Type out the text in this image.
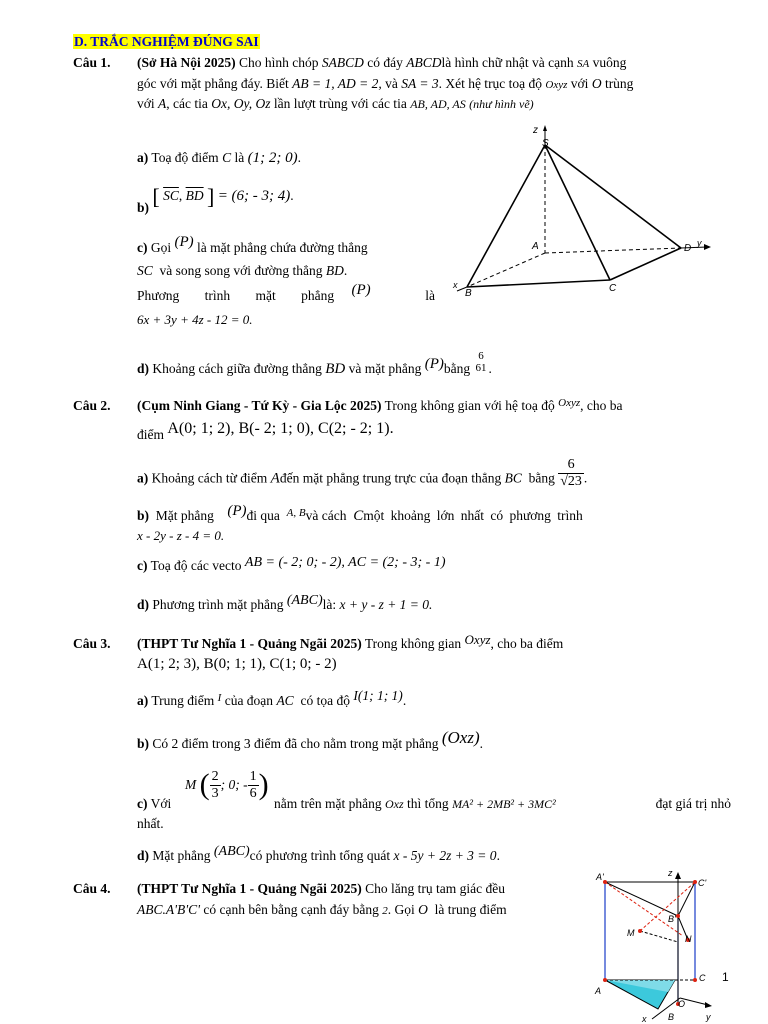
D. TRẮC NGHIỆM ĐÚNG SAI
Câu 1. (Sở Hà Nội 2025) Cho hình chóp SABCD có đáy ABCDlà hình chữ nhật và cạnh SA vuông
góc với mặt phẳng đáy. Biết AB = 1, AD = 2, và SA = 3. Xét hệ trục toạ độ Oxyz với O trùng
với A, các tia Ox, Oy, Oz lần lượt trùng với các tia AB, AD, AS (như hình vẽ)
a) Toạ độ điểm C là (1; 2; 0).
b) [ $\overline{SC}$, $\overline{BD}$ ] = (6; - 3; 4).
c) Gọi (P) là mặt phẳng chứa đường thẳng
SC và song song với đường thẳng BD.
Phương trình mặt phẳng (P)	là
6x + 3y + 4z - 12 = 0.
d) Khoảng cách giữa đường thẳng BD và mặt phẳng (P)bằng
6
61 .
z
S
A	D y
x
B	C
Câu 2. (Cụm Ninh Giang - Tứ Kỳ - Gia Lộc 2025) Trong không gian với hệ toạ độ $^{Oxyz}$, cho ba
điểm A(0; 1; 2), B(- 2; 1; 0), C(2; - 2; 1).
a) Khoảng cách từ điểm Ađến mặt phẳng trung trực của đoạn thẳng BC bằng $\frac{6}{√23}$ .
b) Mặt phẳng (P)đi qua $^{A, B}$và cách Cmột khoảng lớn nhất có phương trình
x - 2y - z - 4 = 0.
c) Toạ độ các vecto AB = (- 2; 0; - 2), AC = (2; - 3; - 1)
d) Phương trình mặt phẳng (ABC)là: x + y - z + 1 = 0.
Câu 3. (THPT Tư Nghĩa 1 - Quảng Ngãi 2025) Trong không gian Oxyz, cho ba điểm
A(1; 2; 3), B(0; 1; 1), C(1; 0; - 2)
a) Trung điểm $^I$ của đoạn AC có tọa độ I(1; 1; 1).
b) Có 2 điểm trong 3 điểm đã cho nằm trong mặt phẳng (Oxz).
M ( $\frac{2}{3}$ ; 0; - $\frac{1}{6}$ )
c) Với	nằm trên mặt phẳng Oxz thì tổng MA² + 2MB² + 3MC²	đạt giá trị nhỏ
nhất.
d) Mặt phẳng (ABC)có phương trình tổng quát x - 5y + 2z + 3 = 0.
Câu 4. (THPT Tư Nghĩa 1 - Quảng Ngãi 2025) Cho lăng trụ tam giác đều
ABC.A'B'C' có cạnh bên bằng cạnh đáy bằng 2. Gọi O là trung điểm
A'
C'
B'
M
N
z
A
C
O
B
x	y
1
